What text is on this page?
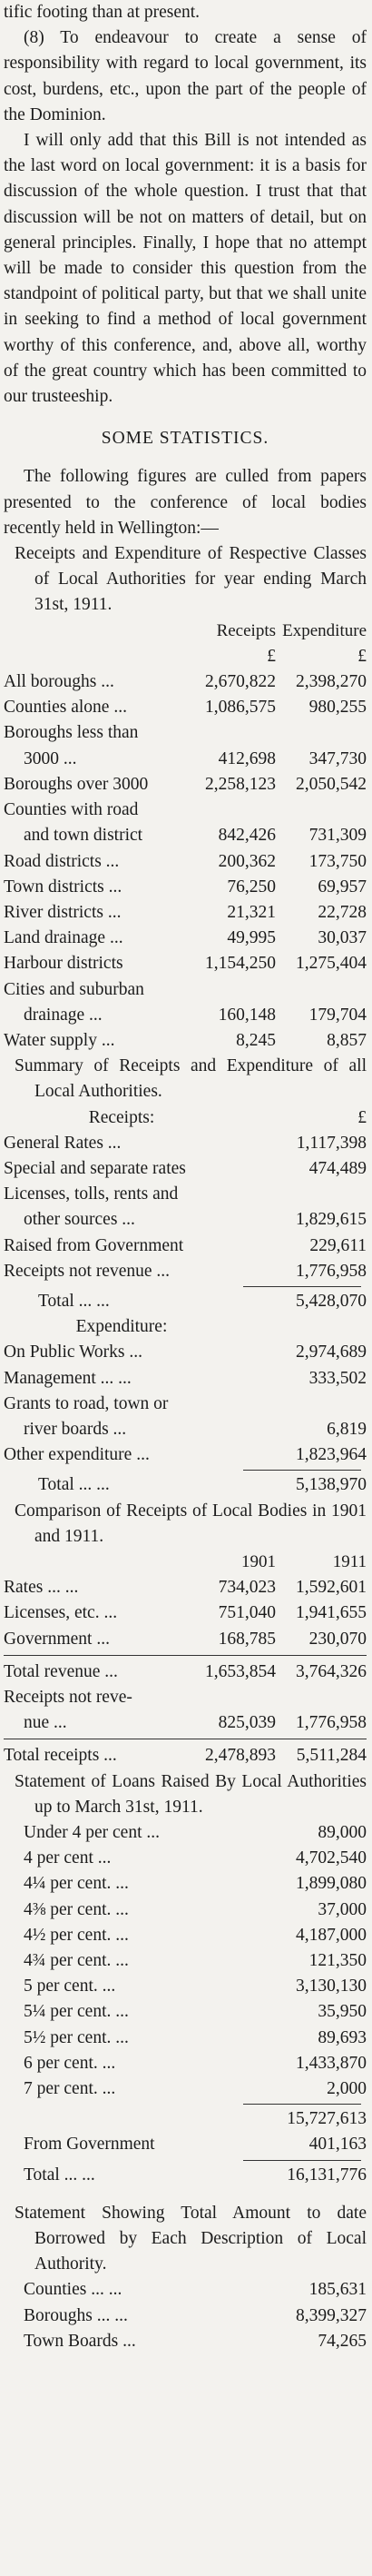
tific footing than at present.

(8) To endeavour to create a sense of responsibility with regard to local government, its cost, burdens, etc., upon the part of the people of the Dominion.

I will only add that this Bill is not intended as the last word on local government: it is a basis for discussion of the whole question. I trust that that discussion will be not on matters of detail, but on general principles. Finally, I hope that no attempt will be made to consider this question from the standpoint of political party, but that we shall unite in seeking to find a method of local government worthy of this conference, and, above all, worthy of the great country which has been committed to our trusteeship.

SOME STATISTICS.

The following figures are culled from papers presented to the conference of local bodies recently held in Wellington:—

Receipts and Expenditure of Respective Classes of Local Authorities for year ending March 31st, 1911.

Receipts Expenditure
£	£
All boroughs ...	2,670,822	2,398,270
Counties alone ...	1,086,575	980,255
Boroughs less than
3000 ...	412,698	347,730
Boroughs over 3000	2,258,123	2,050,542
Counties with road
and town district	842,426	731,309
Road districts ...	200,362	173,750
Town districts ...	76,250	69,957
River districts ...	21,321	22,728
Land drainage ...	49,995	30,037
Harbour districts	1,154,250	1,275,404
Cities and suburban
drainage ...	160,148	179,704
Water supply ...	8,245	8,857

Summary of Receipts and Expenditure of all Local Authorities.

Receipts:	£
General Rates ...	1,117,398
Special and separate rates	474,489
Licenses, tolls, rents and
other sources ...	1,829,615
Raised from Government	229,611
Receipts not revenue ...	1,776,958
Total ... ...	5,428,070
Expenditure:
On Public Works ...	2,974,689
Management ... ...	333,502
Grants to road, town or
river boards ...	6,819
Other expenditure ...	1,823,964
Total ... ...	5,138,970

Comparison of Receipts of Local Bodies in 1901 and 1911.

1901	1911
Rates ... ...	734,023	1,592,601
Licenses, etc. ...	751,040	1,941,655
Government ...	168,785	230,070
Total revenue ...	1,653,854	3,764,326
Receipts not reve-
nue ...	825,039	1,776,958
Total receipts ...	2,478,893	5,511,284

Statement of Loans Raised By Local Authorities up to March 31st, 1911.

Under 4 per cent ...	89,000
4 per cent ...	4,702,540
4¼ per cent. ...	1,899,080
4⅜ per cent. ...	37,000
4½ per cent. ...	4,187,000
4¾ per cent. ...	121,350
5 per cent. ...	3,130,130
5¼ per cent. ...	35,950
5½ per cent. ...	89,693
6 per cent. ...	1,433,870
7 per cent. ...	2,000
15,727,613
From Government	401,163
Total ... ...	16,131,776

Statement Showing Total Amount to date Borrowed by Each Description of Local Authority.

Counties ... ...	185,631
Boroughs ... ...	8,399,327
Town Boards ...	74,265
